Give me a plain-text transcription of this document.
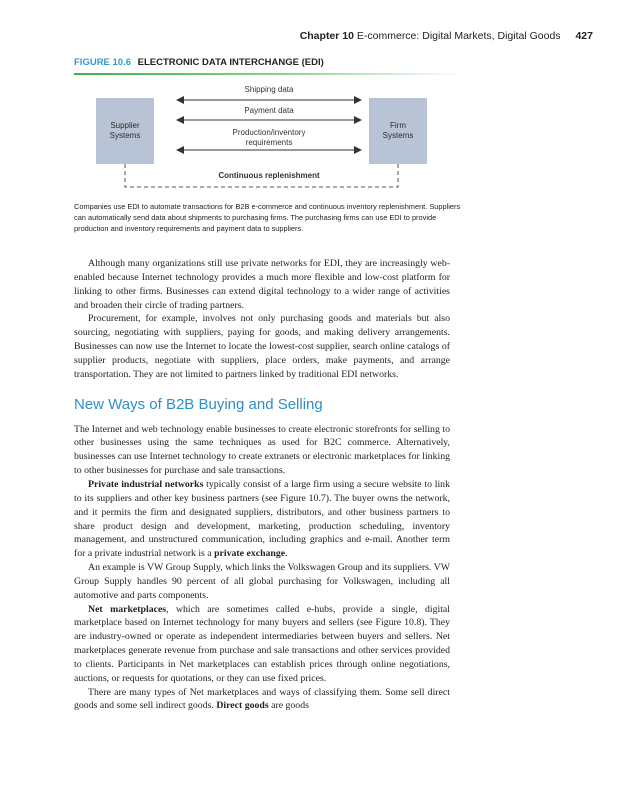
Chapter 10 E-commerce: Digital Markets, Digital Goods 427
FIGURE 10.6 ELECTRONIC DATA INTERCHANGE (EDI)
Supplier
Systems
Firm
Systems
Shipping data
Payment data
Production/inventory
requirements
Continuous replenishment
Companies use EDI to automate transactions for B2B e-commerce and continuous inventory replenishment. Suppliers can automatically send data about shipments to purchasing firms. The purchasing firms can use EDI to provide production and inventory requirements and payment data to suppliers.

Although many organizations still use private networks for EDI, they are increasingly web-enabled because Internet technology provides a much more flexible and low-cost platform for linking to other firms. Businesses can extend digital technology to a wider range of activities and broaden their circle of trading partners.

Procurement, for example, involves not only purchasing goods and materials but also sourcing, negotiating with suppliers, paying for goods, and making delivery arrangements. Businesses can now use the Internet to locate the lowest-cost supplier, search online catalogs of supplier products, negotiate with suppliers, place orders, make payments, and arrange transportation. They are not limited to partners linked by traditional EDI networks.

New Ways of B2B Buying and Selling

The Internet and web technology enable businesses to create electronic storefronts for selling to other businesses using the same techniques as used for B2C commerce. Alternatively, businesses can use Internet technology to create extranets or electronic marketplaces for linking to other businesses for purchase and sale transactions.

Private industrial networks typically consist of a large firm using a secure website to link to its suppliers and other key business partners (see Figure 10.7). The buyer owns the network, and it permits the firm and designated suppliers, distributors, and other business partners to share product design and development, marketing, production scheduling, inventory management, and unstructured communication, including graphics and e-mail. Another term for a private industrial network is a private exchange.

An example is VW Group Supply, which links the Volkswagen Group and its suppliers. VW Group Supply handles 90 percent of all global purchasing for Volkswagen, including all automotive and parts components.

Net marketplaces, which are sometimes called e-hubs, provide a single, digital marketplace based on Internet technology for many buyers and sellers (see Figure 10.8). They are industry-owned or operate as independent intermediaries between buyers and sellers. Net marketplaces generate revenue from purchase and sale transactions and other services provided to clients. Participants in Net marketplaces can establish prices through online negotiations, auctions, or requests for quotations, or they can use fixed prices.

There are many types of Net marketplaces and ways of classifying them. Some sell direct goods and some sell indirect goods. Direct goods are goods
